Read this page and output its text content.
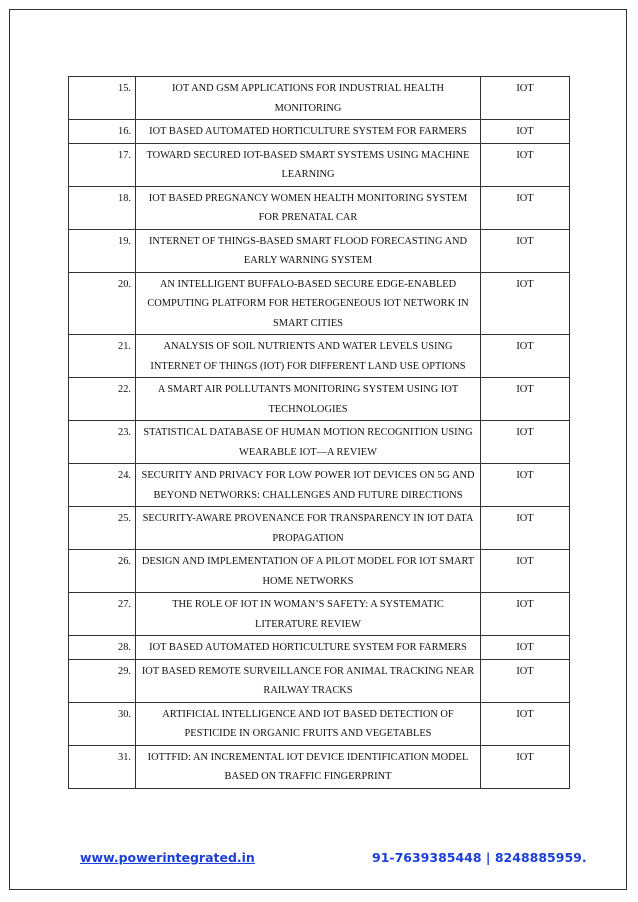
15.	IOT AND GSM APPLICATIONS FOR INDUSTRIAL HEALTH MONITORING	IOT
16.	IOT BASED AUTOMATED HORTICULTURE SYSTEM FOR FARMERS	IOT
17.	TOWARD SECURED IOT-BASED SMART SYSTEMS USING MACHINE LEARNING	IOT
18.	IOT BASED PREGNANCY WOMEN HEALTH MONITORING SYSTEM FOR PRENATAL CAR	IOT
19.	INTERNET OF THINGS-BASED SMART FLOOD FORECASTING AND EARLY WARNING SYSTEM	IOT
20.	AN INTELLIGENT BUFFALO-BASED SECURE EDGE-ENABLED COMPUTING PLATFORM FOR HETEROGENEOUS IOT NETWORK IN SMART CITIES	IOT
21.	ANALYSIS OF SOIL NUTRIENTS AND WATER LEVELS USING INTERNET OF THINGS (IOT) FOR DIFFERENT LAND USE OPTIONS	IOT
22.	A SMART AIR POLLUTANTS MONITORING SYSTEM USING IOT TECHNOLOGIES	IOT
23.	STATISTICAL DATABASE OF HUMAN MOTION RECOGNITION USING WEARABLE IOT—A REVIEW	IOT
24.	SECURITY AND PRIVACY FOR LOW POWER IOT DEVICES ON 5G AND BEYOND NETWORKS: CHALLENGES AND FUTURE DIRECTIONS	IOT
25.	SECURITY-AWARE PROVENANCE FOR TRANSPARENCY IN IOT DATA PROPAGATION	IOT
26.	DESIGN AND IMPLEMENTATION OF A PILOT MODEL FOR IOT SMART HOME NETWORKS	IOT
27.	THE ROLE OF IOT IN WOMAN’S SAFETY: A SYSTEMATIC LITERATURE REVIEW	IOT
28.	IOT BASED AUTOMATED HORTICULTURE SYSTEM FOR FARMERS	IOT
29.	IOT BASED REMOTE SURVEILLANCE FOR ANIMAL TRACKING NEAR RAILWAY TRACKS	IOT
30.	ARTIFICIAL INTELLIGENCE AND IOT BASED DETECTION OF PESTICIDE IN ORGANIC FRUITS AND VEGETABLES	IOT
31.	IOTTFID: AN INCREMENTAL IOT DEVICE IDENTIFICATION MODEL BASED ON TRAFFIC FINGERPRINT	IOT
www.powerintegrated.in	91-7639385448 | 8248885959.
